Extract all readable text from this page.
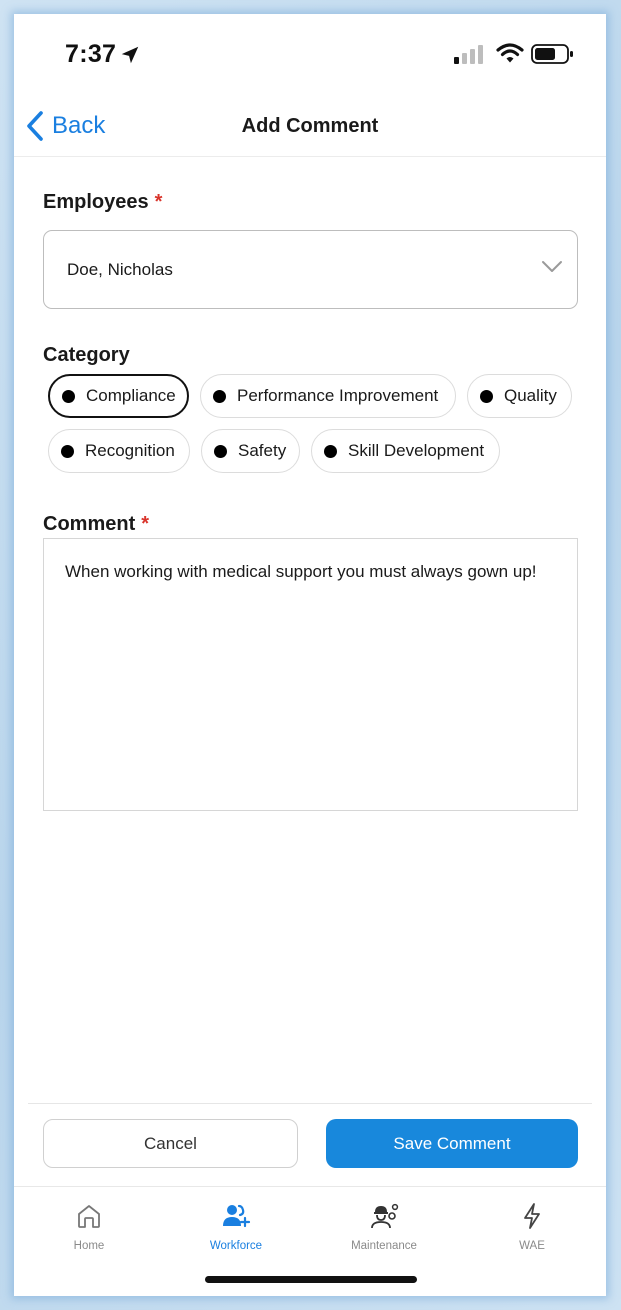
7:37
Back	Add Comment
Employees *
Doe, Nicholas
Category
Compliance	Performance Improvement	Quality
Recognition	Safety	Skill Development
Comment *
When working with medical support you must always gown up!
Cancel	Save Comment
Home	Workforce	Maintenance	WAE
